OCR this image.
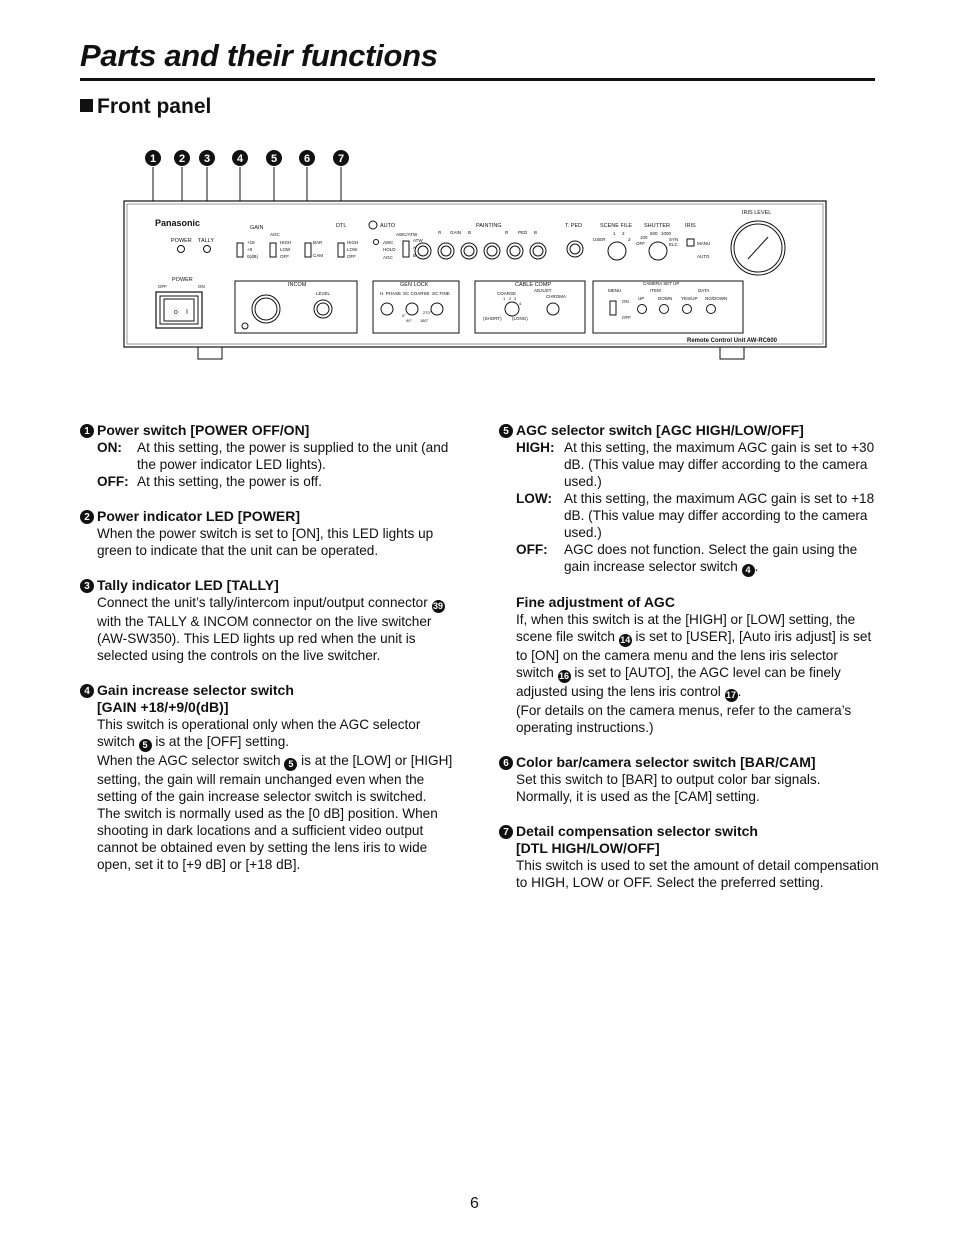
Parts and their functions
Front panel
1 2 3 4	5 6	7
Panasonic
POWER TALLY
GAIN
AGC
+18
+9
0(dB)
HIGH
LOW
OFF
BAR
CAM
DTL
HIGH
LOW
OFF
AUTO
AWC/ATW
AWC
HOLD
AGC
ATW
A
B
PAINTING
R GAIN B	R PED B
T. PED	SCENE FILE
USER
1 2
3
SHUTTER
500 1000
100
OFF
SYN
ELC
IRIS
MANU
AUTO
IRIS LEVEL
POWER
OFF	ON	INCOM
LEVEL
GEN LOCK
H. PHASE SC COARSE SC FINE
0°
270°
90° 180°
CABLE COMP
COARSE
ADJUST
CHROMA
1 2 3
4
(SHORT) (LONG)
MENU
ON
OFF
CAMERA SET UP
ITEM	DATA
UP	DOWN YES/UP NO/DOWN
Remote Control Unit AW-RC600
o I
1 Power switch [POWER OFF/ON]
ON:	At this setting, the power is supplied to the unit (and the power indicator LED lights).
OFF: At this setting, the power is off.
2 Power indicator LED [POWER]
When the power switch is set to [ON], this LED lights up green to indicate that the unit can be operated.
3 Tally indicator LED [TALLY]
Connect the unit’s tally/intercom input/output connector 39 with the TALLY & INCOM connector on the live switcher (AW-SW350). This LED lights up red when the unit is selected using the controls on the live switcher.
4 Gain increase selector switch
[GAIN +18/+9/0(dB)]
This switch is operational only when the AGC selector switch 5 is at the [OFF] setting.
When the AGC selector switch 5 is at the [LOW] or [HIGH] setting, the gain will remain unchanged even when the setting of the gain increase selector switch is switched.
The switch is normally used as the [0 dB] position. When shooting in dark locations and a sufficient video output cannot be obtained even by setting the lens iris to wide open, set it to [+9 dB] or [+18 dB].
5 AGC selector switch [AGC HIGH/LOW/OFF]
HIGH: At this setting, the maximum AGC gain is set to +30 dB. (This value may differ according to the camera used.)
LOW: At this setting, the maximum AGC gain is set to +18 dB. (This value may differ according to the camera used.)
OFF:	AGC does not function. Select the gain using the gain increase selector switch 4 .
Fine adjustment of AGC
If, when this switch is at the [HIGH] or [LOW] setting, the scene file switch 14 is set to [USER], [Auto iris adjust] is set to [ON] on the camera menu and the lens iris selector switch 16 is set to [AUTO], the AGC level can be finely adjusted using the lens iris control 17 .
(For details on the camera menus, refer to the camera’s operating instructions.)
6 Color bar/camera selector switch [BAR/CAM]
Set this switch to [BAR] to output color bar signals. Normally, it is used as the [CAM] setting.
7 Detail compensation selector switch
[DTL HIGH/LOW/OFF]
This switch is used to set the amount of detail compensation to HIGH, LOW or OFF. Select the preferred setting.
6
